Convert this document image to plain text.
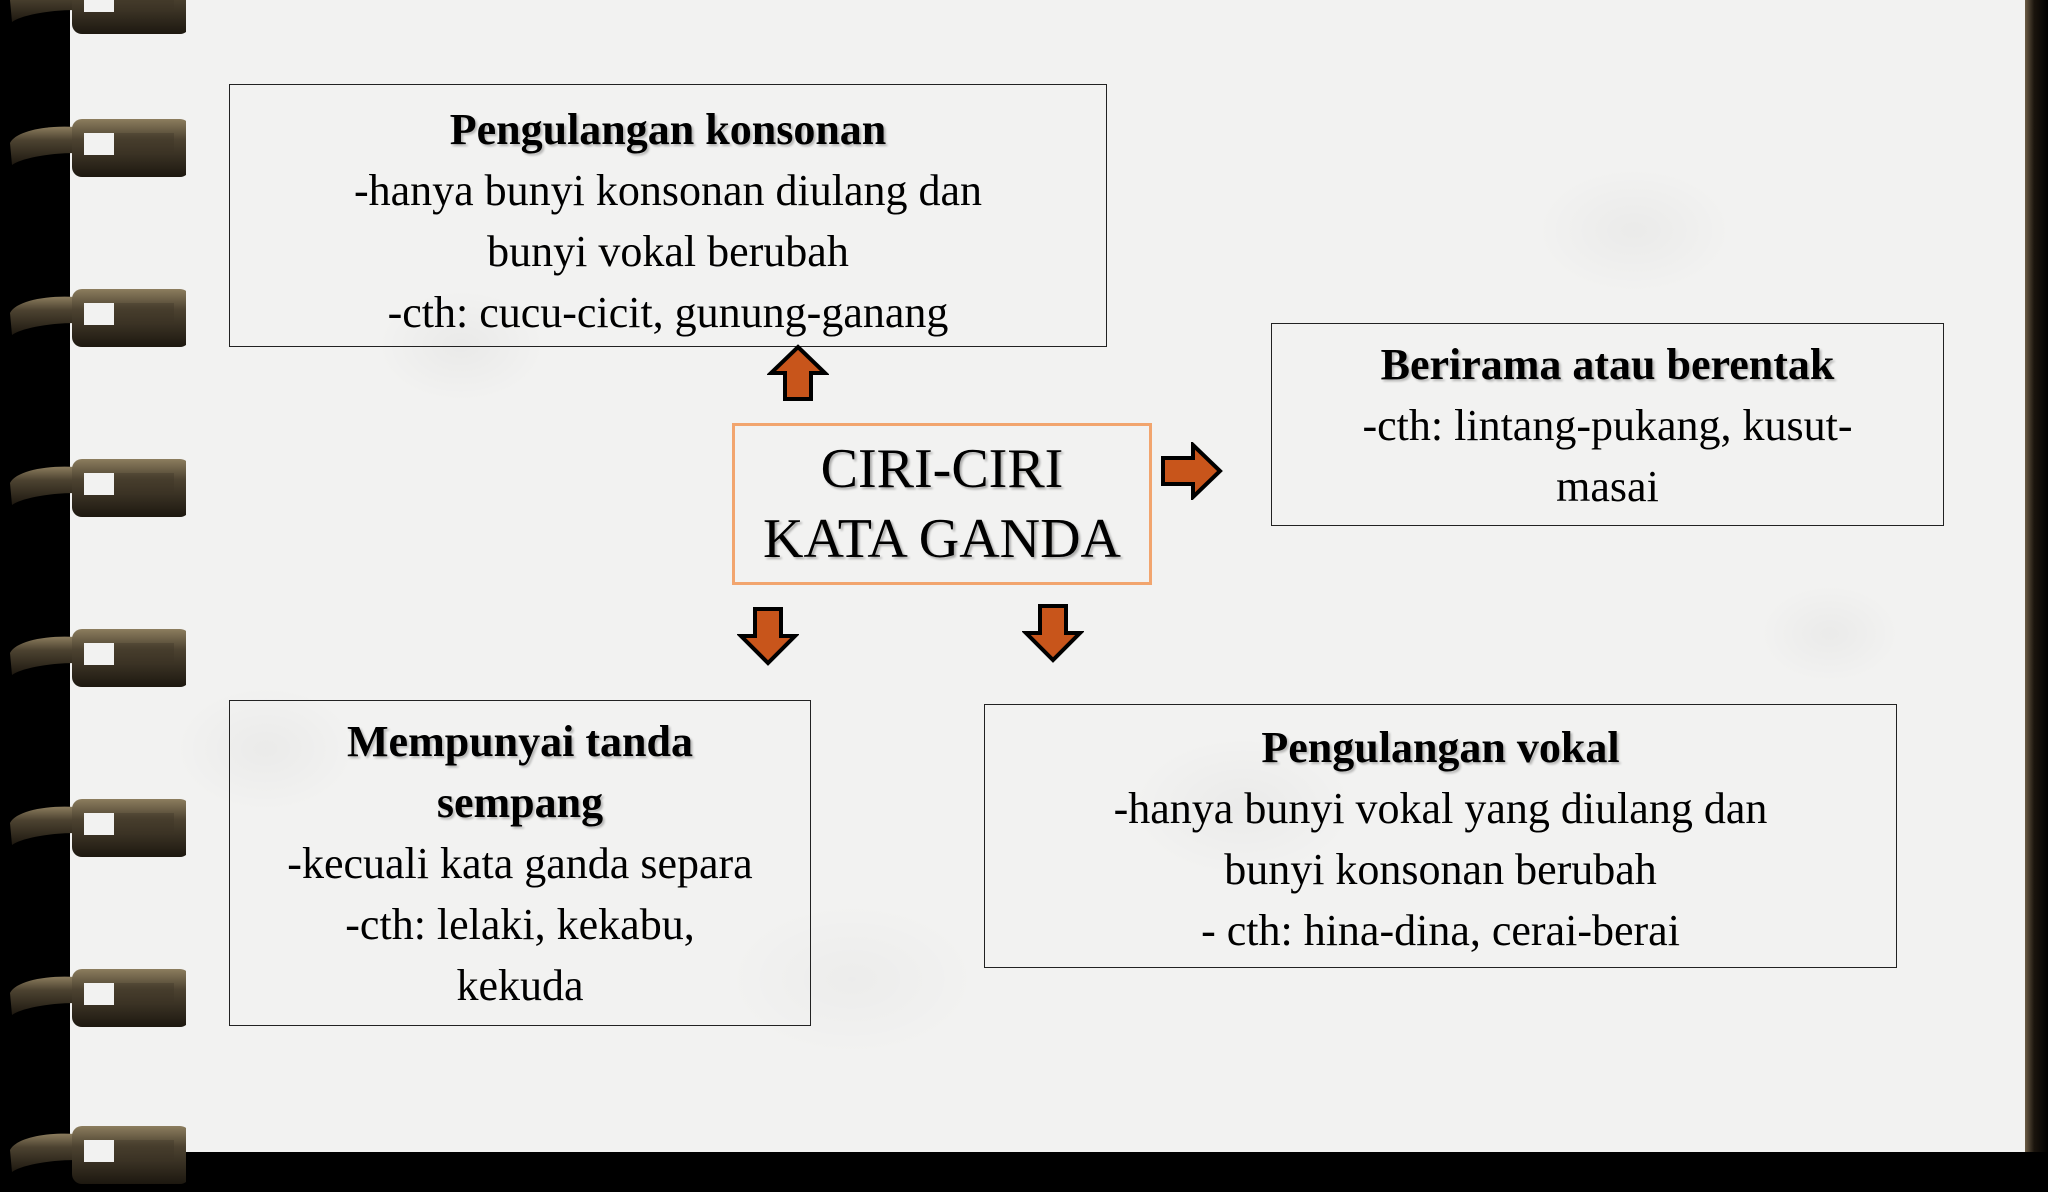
Pengulangan konsonan
-hanya bunyi konsonan diulang dan
bunyi vokal berubah
-cth: cucu-cicit, gunung-ganang
Berirama atau berentak
-cth: lintang-pukang, kusut-
masai
CIRI-CIRI
KATA GANDA
Mempunyai tanda
sempang
-kecuali kata ganda separa
-cth: lelaki, kekabu,
kekuda
Pengulangan vokal
-hanya bunyi vokal yang diulang dan
bunyi konsonan berubah
- cth: hina-dina, cerai-berai
